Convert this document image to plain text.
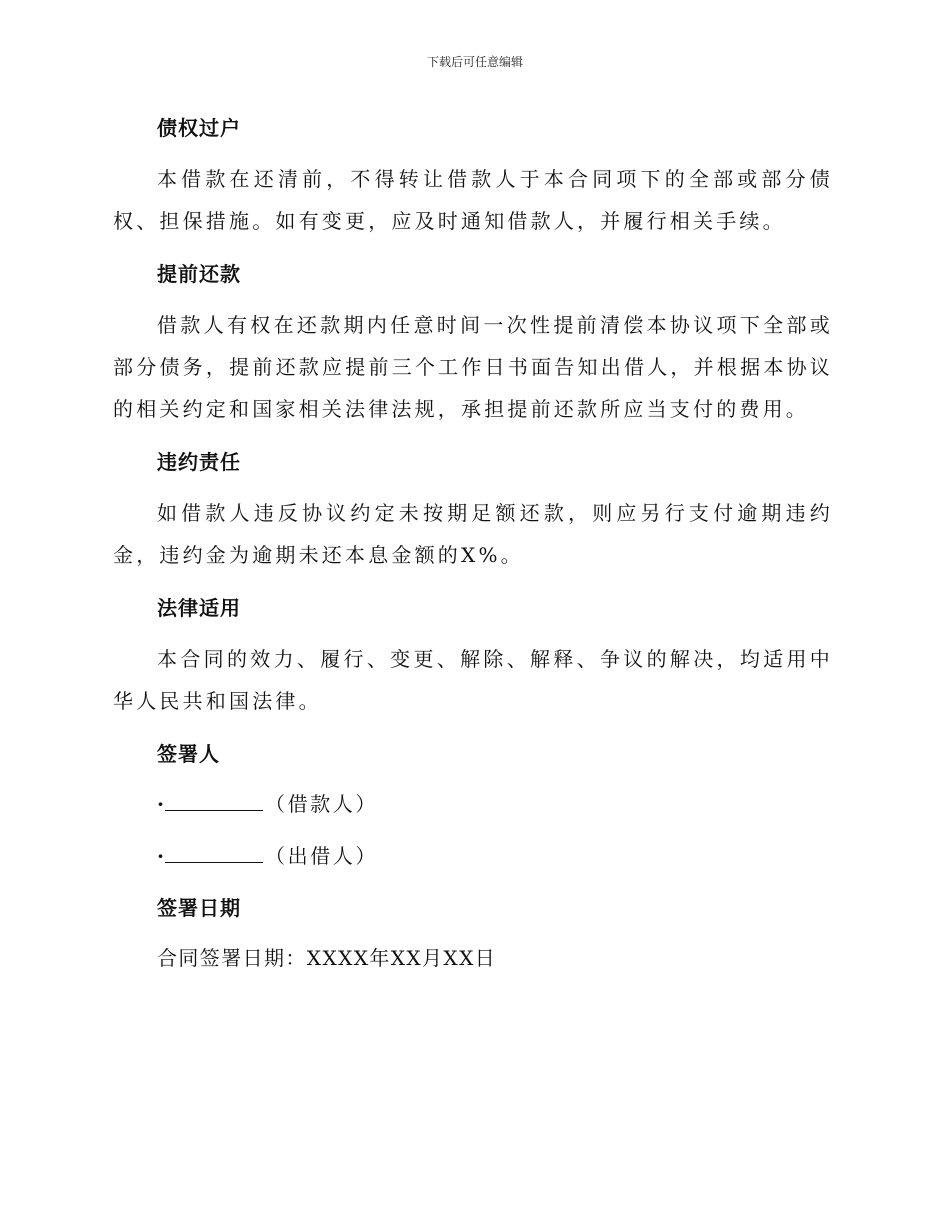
下载后可任意编辑
债权过户

本借款在还清前，不得转让借款人于本合同项下的全部或部分债权、担保措施。如有变更，应及时通知借款人，并履行相关手续。

提前还款

借款人有权在还款期内任意时间一次性提前清偿本协议项下全部或部分债务，提前还款应提前三个工作日书面告知出借人，并根据本协议的相关约定和国家相关法律法规，承担提前还款所应当支付的费用。

违约责任

如借款人违反协议约定未按期足额还款，则应另行支付逾期违约金，违约金为逾期未还本息金额的X%。

法律适用

本合同的效力、履行、变更、解除、解释、争议的解决，均适用中华人民共和国法律。

签署人
·	（借款人）
·	（出借人）
签署日期
合同签署日期：XXXX年XX月XX日
